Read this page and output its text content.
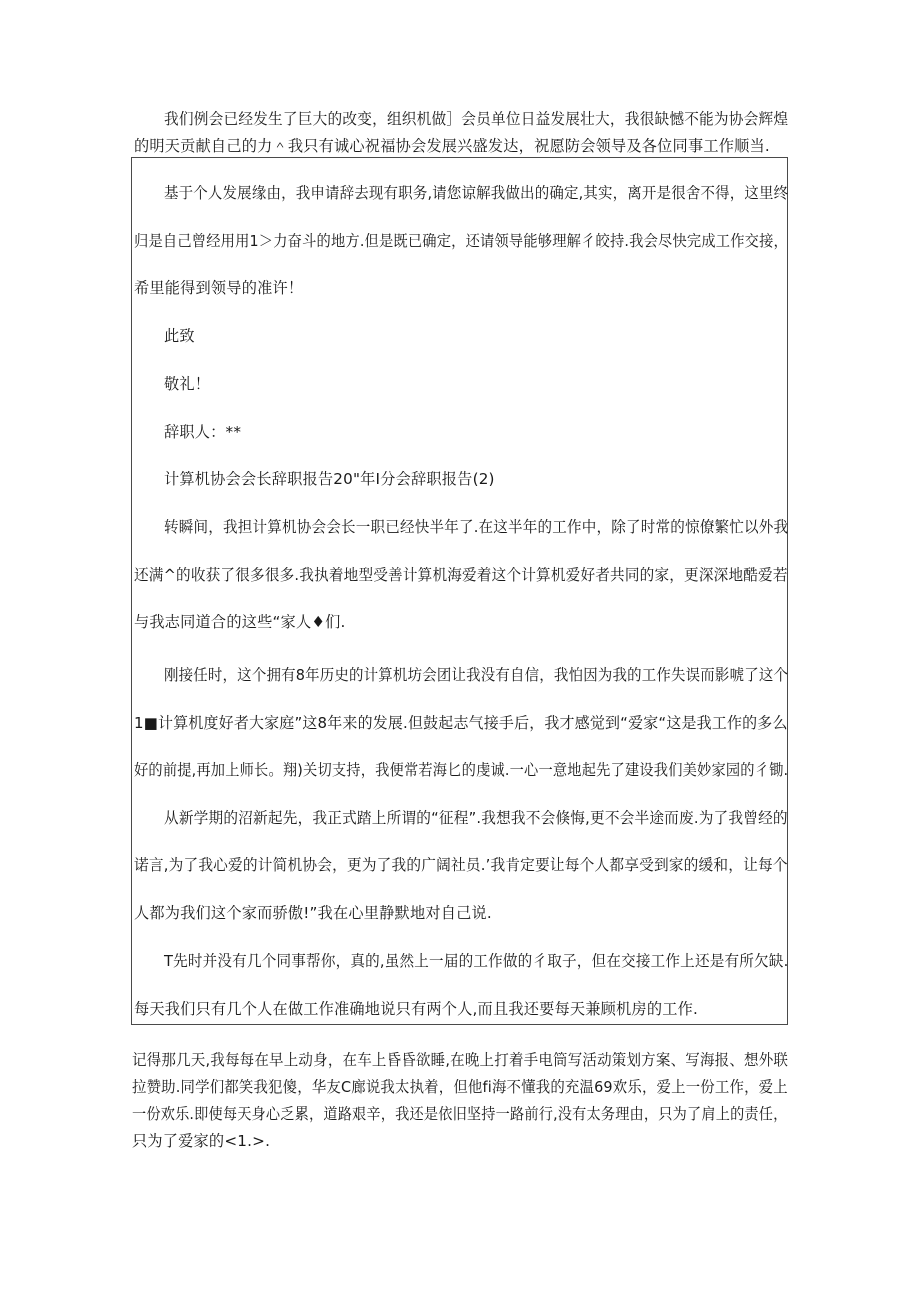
我们例会已经发生了巨大的改变，组织机做］会员单位日益发展壮大，我很缺憾不能为协会辉煌
的明天贡献自己的力＾我只有诚心祝福协会发展兴盛发达，祝愿防会领导及各位同事工作顺当.
基于个人发展缘由，我申请辞去现有职务,请您谅解我做出的确定,其实，离开是很舍不得，这里终
归是自己曾经用用1＞力奋斗的地方.但是既已确定，还请领导能够理解彳皎持.我会尽快完成工作交接，
希里能得到领导的准许！
此致
敬礼！
辞职人：**
计算机协会会长辞职报告20"年Ⅰ分会辞职报告(2)
转瞬间，我担计算机协会会长一职已经快半年了.在这半年的工作中，除了时常的惊僚繁忙以外我
还满^的收获了很多很多.我执着地型受善计算机海爱着这个计算机爱好者共同的家，更深深地酷爱若
与我志同道合的这些“家人♦们.
刚接任时，这个拥有8年历史的计算机坊会团让我没有自信，我怕因为我的工作失误而影唬了这个
1■计算机度好者大家庭”这8年来的发展.但鼓起志气接手后，我才感觉到“爱家“这是我工作的多么
好的前提,再加上师长。翔)关切支持，我便常若海匕的虔诚.一心一意地起先了建设我们美妙家园的彳锄.
从新学期的沼新起先，我正式踏上所谓的“征程”.我想我不会倏悔,更不会半途而废.为了我曾经的
诺言,为了我心爱的计简机协会，更为了我的广阔社员.’我肯定要让每个人都享受到家的缓和，让每个
人都为我们这个家而骄傲!”我在心里静默地对自己说.
T先时并没有几个同事帮你，真的,虽然上一届的工作做的彳取子，但在交接工作上还是有所欠缺.
每天我们只有几个人在做工作准确地说只有两个人,而且我还要每天兼顾机房的工作.
记得那几天,我每每在早上动身，在车上昏昏欲睡,在晚上打着手电筒写活动策划方案、写海报、想外联
拉赞助.同学们都笑我犯傻，华友C廊说我太执着，但他fi海不懂我的充温69欢乐，爱上一份工作，爱上
一份欢乐.即使每天身心乏累，道路艰辛，我还是依旧坚持一路前行,没有太务理由，只为了肩上的责任，
只为了爱家的<1.>.
